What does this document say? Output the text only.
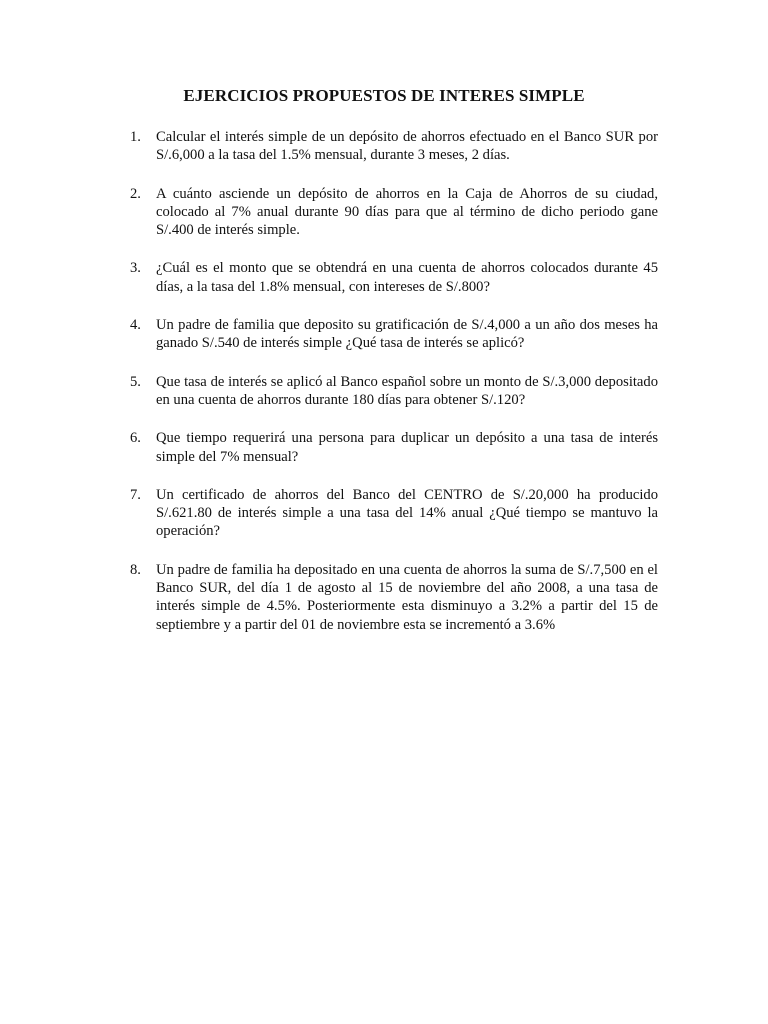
EJERCICIOS PROPUESTOS DE INTERES SIMPLE
1. Calcular el interés simple de un depósito de ahorros efectuado en el Banco SUR por S/.6,000 a la tasa del 1.5% mensual, durante 3 meses, 2 días.
2. A cuánto asciende un depósito de ahorros en la Caja de Ahorros de su ciudad, colocado al 7% anual durante 90 días para que al término de dicho periodo gane S/.400 de interés simple.
3. ¿Cuál es el monto que se obtendrá en una cuenta de ahorros colocados durante 45 días, a la tasa del 1.8% mensual, con intereses de S/.800?
4. Un padre de familia que deposito su gratificación de S/.4,000 a un año dos meses ha ganado S/.540 de interés simple ¿Qué tasa de interés se aplicó?
5. Que tasa de interés se aplicó al Banco español sobre un monto de S/.3,000 depositado en una cuenta de ahorros durante 180 días para obtener S/.120?
6. Que tiempo requerirá una persona para duplicar un depósito a una tasa de interés simple del 7% mensual?
7. Un certificado de ahorros del Banco del CENTRO de S/.20,000 ha producido S/.621.80 de interés simple a una tasa del 14% anual ¿Qué tiempo se mantuvo la operación?
8. Un padre de familia ha depositado en una cuenta de ahorros la suma de S/.7,500 en el Banco SUR, del día 1 de agosto al 15 de noviembre del año 2008, a una tasa de interés simple de 4.5%. Posteriormente esta disminuyo a 3.2% a partir del 15 de septiembre y a partir del 01 de noviembre esta se incrementó a 3.6%
